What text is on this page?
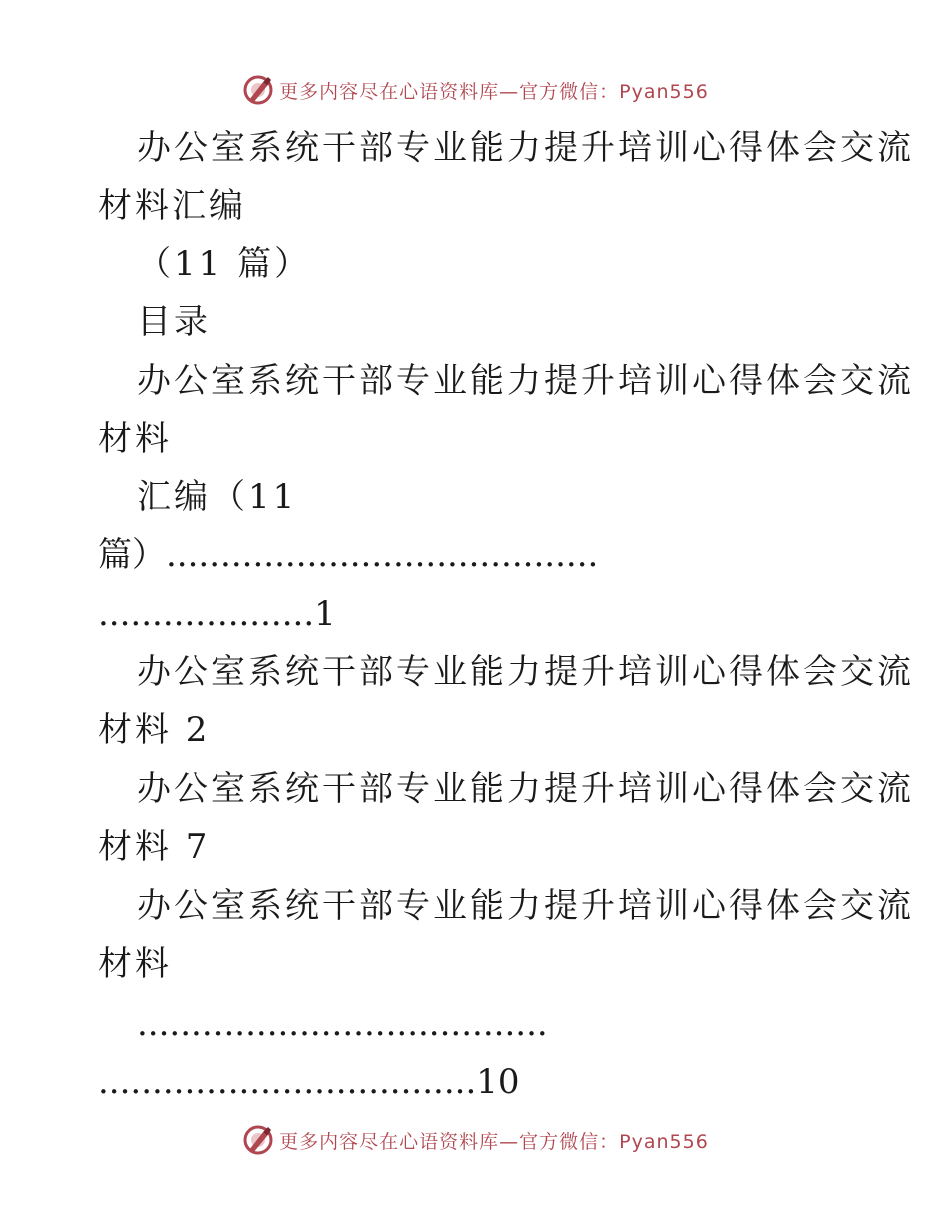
更多内容尽在心语资料库—官方微信：Pyan556
办公室系统干部专业能力提升培训心得体会交流
材料汇编
（11 篇）
目录
办公室系统干部专业能力提升培训心得体会交流
材料
汇编（11
篇）........................................
....................1
办公室系统干部专业能力提升培训心得体会交流
材料 2
办公室系统干部专业能力提升培训心得体会交流
材料 7
办公室系统干部专业能力提升培训心得体会交流
材料
......................................
...................................10
更多内容尽在心语资料库—官方微信：Pyan556
